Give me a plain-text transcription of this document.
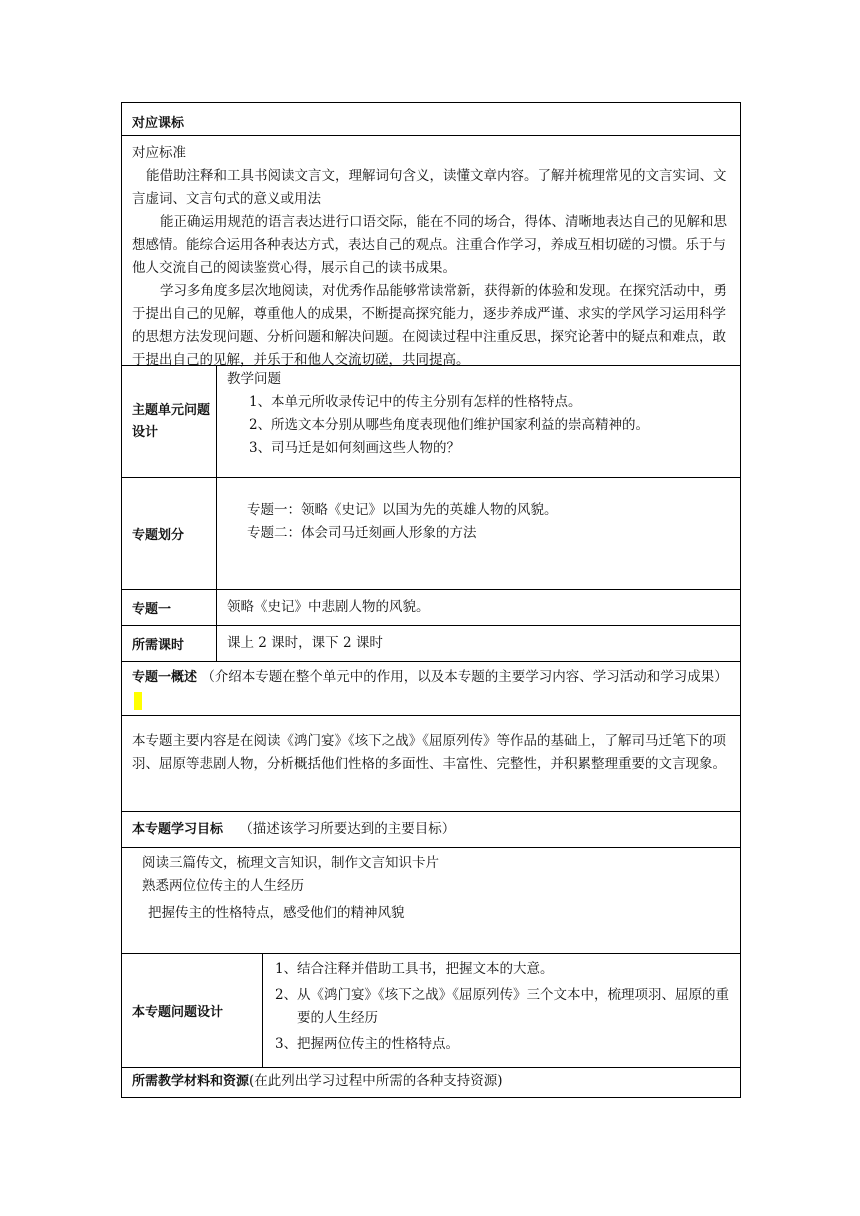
对应课标
对应标准
能借助注释和工具书阅读文言文，理解词句含义，读懂文章内容。了解并梳理常见的文言实词、文言虚词、文言句式的意义或用法
能正确运用规范的语言表达进行口语交际，能在不同的场合，得体、清晰地表达自己的见解和思想感情。能综合运用各种表达方式，表达自己的观点。注重合作学习，养成互相切磋的习惯。乐于与他人交流自己的阅读鉴赏心得，展示自己的读书成果。
学习多角度多层次地阅读，对优秀作品能够常读常新，获得新的体验和发现。在探究活动中，勇于提出自己的见解，尊重他人的成果，不断提高探究能力，逐步养成严谨、求实的学风学习运用科学的思想方法发现问题、分析问题和解决问题。在阅读过程中注重反思，探究论著中的疑点和难点，敢于提出自己的见解，并乐于和他人交流切磋，共同提高。
主题单元问题设计
教学问题
1、本单元所收录传记中的传主分别有怎样的性格特点。
2、所选文本分别从哪些角度表现他们维护国家利益的崇高精神的。
3、司马迁是如何刻画这些人物的？
专题划分
专题一：领略《史记》以国为先的英雄人物的风貌。
专题二：体会司马迁刻画人形象的方法
专题一	领略《史记》中悲剧人物的风貌。
所需课时	课上 2 课时，课下 2 课时
专题一概述 （介绍本专题在整个单元中的作用，以及本专题的主要学习内容、学习活动和学习成果）
本专题主要内容是在阅读《鸿门宴》《垓下之战》《屈原列传》等作品的基础上，了解司马迁笔下的项羽、屈原等悲剧人物，分析概括他们性格的多面性、丰富性、完整性，并积累整理重要的文言现象。
本专题学习目标 （描述该学习所要达到的主要目标）
阅读三篇传文，梳理文言知识，制作文言知识卡片
熟悉两位位传主的人生经历
把握传主的性格特点，感受他们的精神风貌
本专题问题设计
1、 结合注释并借助工具书，把握文本的大意。
2、 从《鸿门宴》《垓下之战》《屈原列传》三个文本中，梳理项羽、屈原的重要的人生经历
3、 把握两位传主的性格特点。
所需教学材料和资源(在此列出学习过程中所需的各种支持资源)
